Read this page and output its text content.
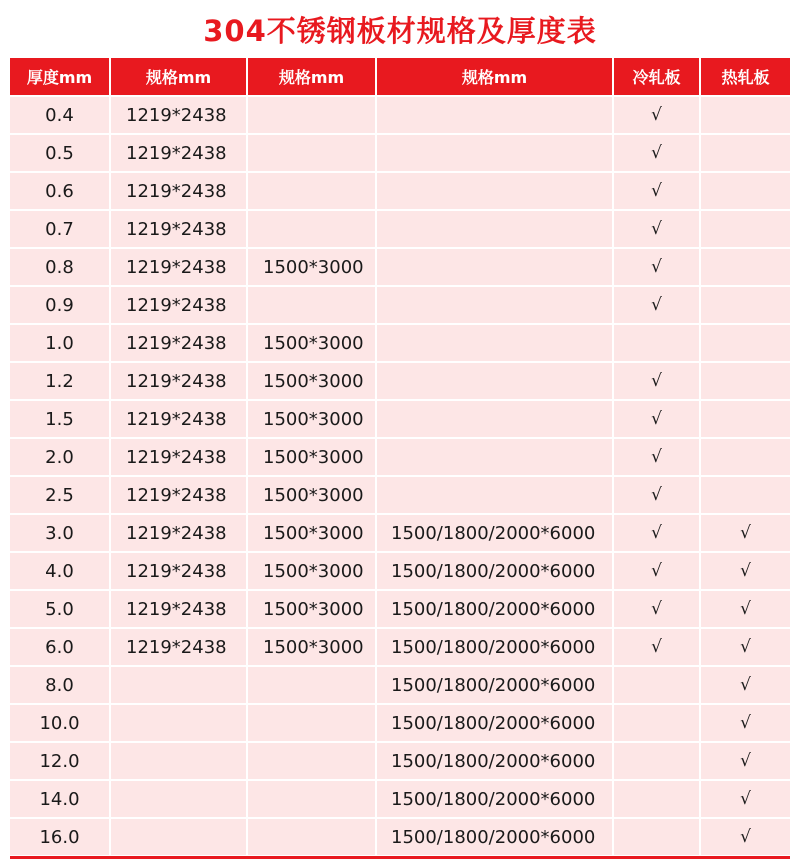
304不锈钢板材规格及厚度表
厚度mm	规格mm	规格mm	规格mm	冷轧板	热轧板
0.4	1219*2438			√	
0.5	1219*2438			√	
0.6	1219*2438			√	
0.7	1219*2438			√	
0.8	1219*2438	1500*3000		√	
0.9	1219*2438			√	
1.0	1219*2438	1500*3000			
1.2	1219*2438	1500*3000		√	
1.5	1219*2438	1500*3000		√	
2.0	1219*2438	1500*3000		√	
2.5	1219*2438	1500*3000		√	
3.0	1219*2438	1500*3000	1500/1800/2000*6000	√	√
4.0	1219*2438	1500*3000	1500/1800/2000*6000	√	√
5.0	1219*2438	1500*3000	1500/1800/2000*6000	√	√
6.0	1219*2438	1500*3000	1500/1800/2000*6000	√	√
8.0			1500/1800/2000*6000		√
10.0			1500/1800/2000*6000		√
12.0			1500/1800/2000*6000		√
14.0			1500/1800/2000*6000		√
16.0			1500/1800/2000*6000		√
